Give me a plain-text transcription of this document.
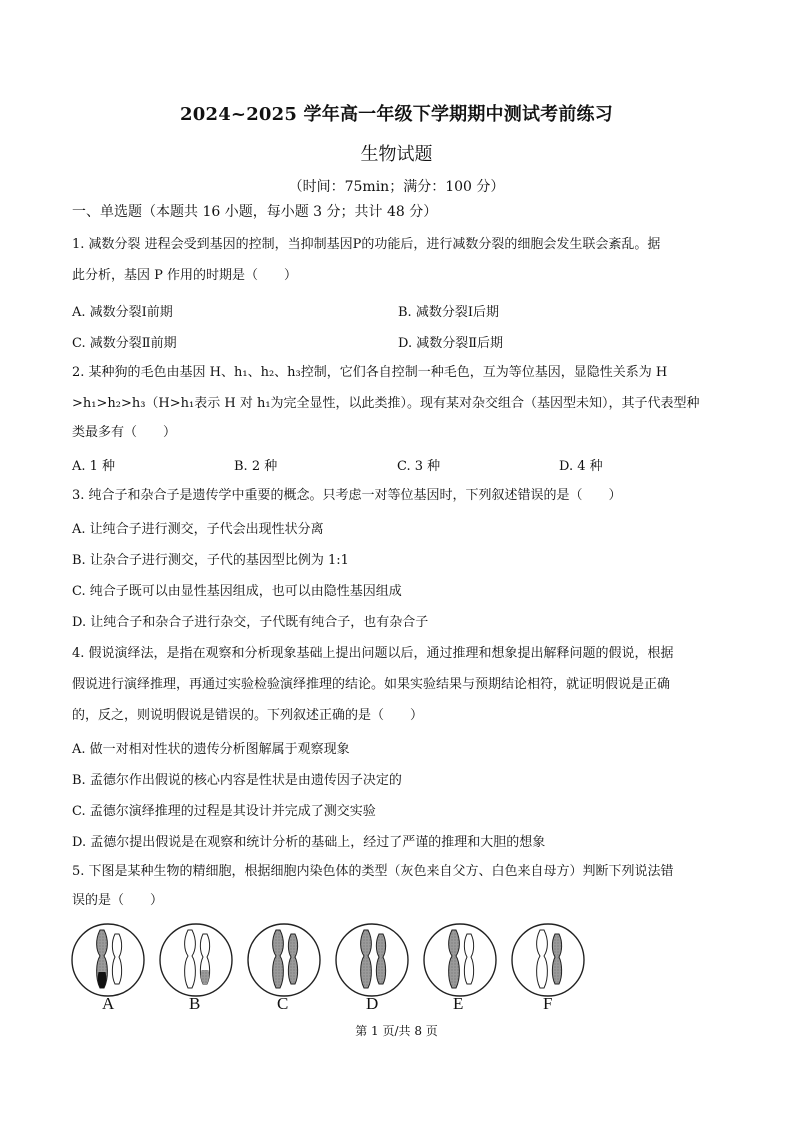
2024~2025 学年高一年级下学期期中测试考前练习
生物试题
（时间：75min；满分：100 分）
一、单选题（本题共 16 小题，每小题 3 分；共计 48 分）
1. 减数分裂 进程会受到基因的控制，当抑制基因P的功能后，进行减数分裂的细胞会发生联会紊乱。据
此分析，基因 P 作用的时期是（　　）
A. 减数分裂Ⅰ前期	B. 减数分裂Ⅰ后期
C. 减数分裂Ⅱ前期	D. 减数分裂Ⅱ后期
2. 某种狗的毛色由基因 H、h₁、h₂、h₃控制，它们各自控制一种毛色，互为等位基因，显隐性关系为 H
>h₁>h₂>h₃（H>h₁表示 H 对 h₁为完全显性，以此类推）。现有某对杂交组合（基因型未知），其子代表型种
类最多有（　　）
A. 1 种	B. 2 种	C. 3 种	D. 4 种
3. 纯合子和杂合子是遗传学中重要的概念。只考虑一对等位基因时，下列叙述错误的是（　　）
A. 让纯合子进行测交，子代会出现性状分离
B. 让杂合子进行测交，子代的基因型比例为 1:1
C. 纯合子既可以由显性基因组成，也可以由隐性基因组成
D. 让纯合子和杂合子进行杂交，子代既有纯合子，也有杂合子
4. 假说演绎法，是指在观察和分析现象基础上提出问题以后，通过推理和想象提出解释问题的假说，根据
假说进行演绎推理，再通过实验检验演绎推理的结论。如果实验结果与预期结论相符，就证明假说是正确
的，反之，则说明假说是错误的。下列叙述正确的是（　　）
A. 做一对相对性状的遗传分析图解属于观察现象
B. 孟德尔作出假说的核心内容是性状是由遗传因子决定的
C. 孟德尔演绎推理的过程是其设计并完成了测交实验
D. 孟德尔提出假说是在观察和统计分析的基础上，经过了严谨的推理和大胆的想象
5. 下图是某种生物的精细胞，根据细胞内染色体的类型（灰色来自父方、白色来自母方）判断下列说法错
误的是（　　）
A	B	C	D	E	F
第 1 页/共 8 页
